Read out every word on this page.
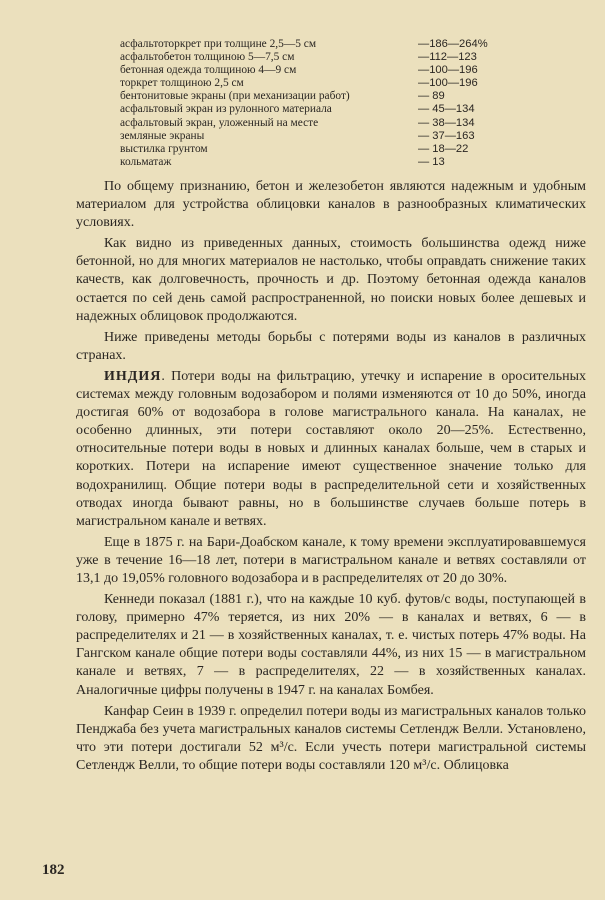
асфальтоторкрет при толщине 2,5—5 см	—186—264%
асфальтобетон толщиною 5—7,5 см	—112—123
бетонная одежда толщиною 4—9 см	—100—196
торкрет толщиною 2,5 см	—100—196
бентонитовые экраны (при механизации работ)	— 89
асфальтовый экран из рулонного материала	— 45—134
асфальтовый экран, уложенный на месте	— 38—134
земляные экраны	— 37—163
выстилка грунтом	— 18—22
кольматаж	— 13

По общему признанию, бетон и железобетон являются надежным и удобным материалом для устройства облицовки каналов в разнообразных климатических условиях.

Как видно из приведенных данных, стоимость большинства одежд ниже бетонной, но для многих материалов не настолько, чтобы оправдать снижение таких качеств, как долговечность, прочность и др. Поэтому бетонная одежда каналов остается по сей день самой распространенной, но поиски новых более дешевых и надежных облицовок продолжаются.

Ниже приведены методы борьбы с потерями воды из каналов в различных странах.

ИНДИЯ. Потери воды на фильтрацию, утечку и испарение в оросительных системах между головным водозабором и полями изменяются от 10 до 50%, иногда достигая 60% от водозабора в голове магистрального канала. На каналах, не особенно длинных, эти потери составляют около 20—25%. Естественно, относительные потери воды в новых и длинных каналах больше, чем в старых и коротких. Потери на испарение имеют существенное значение только для водохранилищ. Общие потери воды в распределительной сети и хозяйственных отводах иногда бывают равны, но в большинстве случаев больше потерь в магистральном канале и ветвях.

Еще в 1875 г. на Бари-Доабском канале, к тому времени эксплуатировавшемуся уже в течение 16—18 лет, потери в магистральном канале и ветвях составляли от 13,1 до 19,05% головного водозабора и в распределителях от 20 до 30%.

Кеннеди показал (1881 г.), что на каждые 10 куб. футов/с воды, поступающей в голову, примерно 47% теряется, из них 20% — в каналах и ветвях, 6 — в распределителях и 21 — в хозяйственных каналах, т. е. чистых потерь 47% воды. На Гангском канале общие потери воды составляли 44%, из них 15 — в магистральном канале и ветвях, 7 — в распределителях, 22 — в хозяйственных каналах. Аналогичные цифры получены в 1947 г. на каналах Бомбея.

Канфар Сеин в 1939 г. определил потери воды из магистральных каналов только Пенджаба без учета магистральных каналов системы Сетлендж Велли. Установлено, что эти потери достигали 52 м³/с. Если учесть потери магистральной системы Сетлендж Велли, то общие потери воды составляли 120 м³/с. Облицовка

182
